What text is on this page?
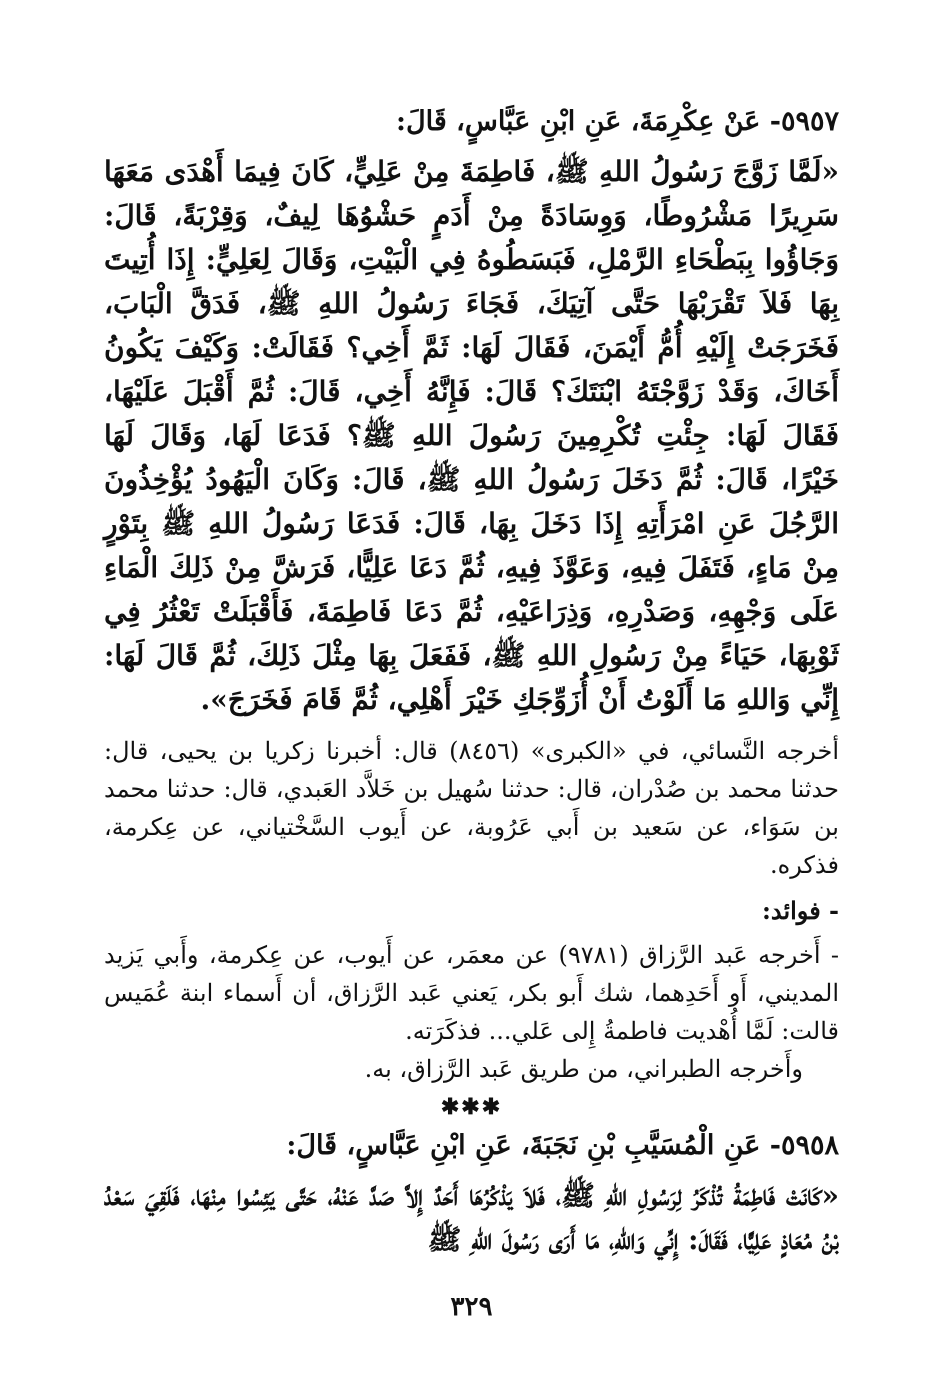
٥٩٥٧- عَنْ عِكْرِمَةَ، عَنِ ابْنِ عَبَّاسٍ، قَالَ:

«لَمَّا زَوَّجَ رَسُولُ اللهِ ﷺ، فَاطِمَةَ مِنْ عَلِيٍّ، كَانَ فِيمَا أَهْدَى مَعَهَا سَرِيرًا مَشْرُوطًا، وَوِسَادَةً مِنْ أَدَمٍ حَشْوُهَا لِيفٌ، وَقِرْبَةً، قَالَ: وَجَاؤُوا بِبَطْحَاءِ الرَّمْلِ، فَبَسَطُوهُ فِي الْبَيْتِ، وَقَالَ لِعَلِيٍّ: إِذَا أُتِيتَ بِهَا فَلاَ تَقْرَبْهَا حَتَّى آتِيَكَ، فَجَاءَ رَسُولُ اللهِ ﷺ، فَدَقَّ الْبَابَ، فَخَرَجَتْ إِلَيْهِ أُمُّ أَيْمَنَ، فَقَالَ لَهَا: ثَمَّ أَخِي؟ فَقَالَتْ: وَكَيْفَ يَكُونُ أَخَاكَ، وَقَدْ زَوَّجْتَهُ ابْنَتَكَ؟ قَالَ: فَإِنَّهُ أَخِي، قَالَ: ثُمَّ أَقْبَلَ عَلَيْهَا، فَقَالَ لَهَا: جِئْتِ تُكْرِمِينَ رَسُولَ اللهِ ﷺ؟ فَدَعَا لَهَا، وَقَالَ لَهَا خَيْرًا، قَالَ: ثُمَّ دَخَلَ رَسُولُ اللهِ ﷺ، قَالَ: وَكَانَ الْيَهُودُ يُؤْخِذُونَ الرَّجُلَ عَنِ امْرَأَتِهِ إِذَا دَخَلَ بِهَا، قَالَ: فَدَعَا رَسُولُ اللهِ ﷺ بِتَوْرٍ مِنْ مَاءٍ، فَتَفَلَ فِيهِ، وَعَوَّذَ فِيهِ، ثُمَّ دَعَا عَلِيًّا، فَرَشَّ مِنْ ذَلِكَ الْمَاءِ عَلَى وَجْهِهِ، وَصَدْرِهِ، وَذِرَاعَيْهِ، ثُمَّ دَعَا فَاطِمَةَ، فَأَقْبَلَتْ تَعْثُرُ فِي ثَوْبِهَا، حَيَاءً مِنْ رَسُولِ اللهِ ﷺ، فَفَعَلَ بِهَا مِثْلَ ذَلِكَ، ثُمَّ قَالَ لَهَا: إِنِّي وَاللهِ مَا أَلَوْتُ أَنْ أُزَوِّجَكِ خَيْرَ أَهْلِي، ثُمَّ قَامَ فَخَرَجَ».

أخرجه النَّسائي، في «الكبرى» (٨٤٥٦) قال: أخبرنا زكريا بن يحيى، قال: حدثنا محمد بن صُدْران، قال: حدثنا سُهيل بن خَلاَّد العَبدي، قال: حدثنا محمد بن سَوَاء، عن سَعيد بن أَبي عَرُوبة، عن أَيوب السَّخْتياني، عن عِكرمة، فذكره.

- فوائد:

- أَخرجه عَبد الرَّزاق (٩٧٨١) عن معمَر، عن أَيوب، عن عِكرمة، وأَبي يَزيد المديني، أَو أَحَدِهما، شك أَبو بكر، يَعني عَبد الرَّزاق، أن أَسماء ابنة عُمَيس قالت: لَمَّا أُهْديت فاطمةُ إِلى عَلي... فذكَرَته.

وأَخرجه الطبراني، من طريق عَبد الرَّزاق، به.

✱✱✱
٥٩٥٨- عَنِ الْمُسَيَّبِ بْنِ نَجَبَةَ، عَنِ ابْنِ عَبَّاسٍ، قَالَ:

«كَانَتْ فَاطِمَةُ تُذْكَرُ لِرَسُولِ اللهِ ﷺ، فَلاَ يَذْكُرُهَا أَحَدٌ إِلاَّ صَدَّ عَنْهُ، حَتَّى يَئِسُوا مِنْهَا، فَلَقِيَ سَعْدُ بْنُ مُعَاذٍ عَلِيًّا، فَقَالَ: إِنِّي وَاللهِ، مَا أَرَى رَسُولَ اللهِ ﷺ

٣٢٩
